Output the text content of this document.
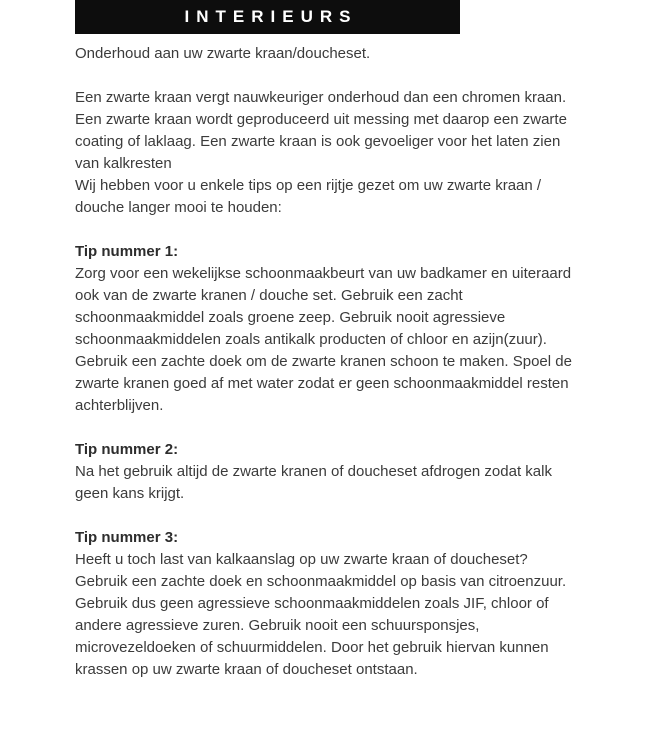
INTERIEURS
Onderhoud aan uw zwarte kraan/doucheset.
Een zwarte kraan vergt nauwkeuriger onderhoud dan een chromen kraan. Een zwarte kraan wordt geproduceerd uit messing met daarop een zwarte coating of laklaag. Een zwarte kraan is ook gevoeliger voor het laten zien van kalkresten
Wij hebben voor u enkele tips op een rijtje gezet om uw zwarte kraan / douche langer mooi te houden:
Tip nummer 1:
Zorg voor een wekelijkse schoonmaakbeurt van uw badkamer en uiteraard ook van de zwarte kranen / douche set. Gebruik een zacht schoonmaakmiddel zoals groene zeep. Gebruik nooit agressieve schoonmaakmiddelen zoals antikalk producten of chloor en azijn(zuur).
Gebruik een zachte doek om de zwarte kranen schoon te maken. Spoel de zwarte kranen goed af met water zodat er geen schoonmaakmiddel resten achterblijven.
Tip nummer 2:
Na het gebruik altijd de zwarte kranen of doucheset afdrogen zodat kalk geen kans krijgt.
Tip nummer 3:
Heeft u toch last van kalkaanslag op uw zwarte kraan of doucheset? Gebruik een zachte doek en schoonmaakmiddel op basis van citroenzuur. Gebruik dus geen agressieve schoonmaakmiddelen zoals JIF, chloor of andere agressieve zuren. Gebruik nooit een schuursponsjes, microvezeldoeken of schuurmiddelen. Door het gebruik hiervan kunnen krassen op uw zwarte kraan of doucheset ontstaan.
